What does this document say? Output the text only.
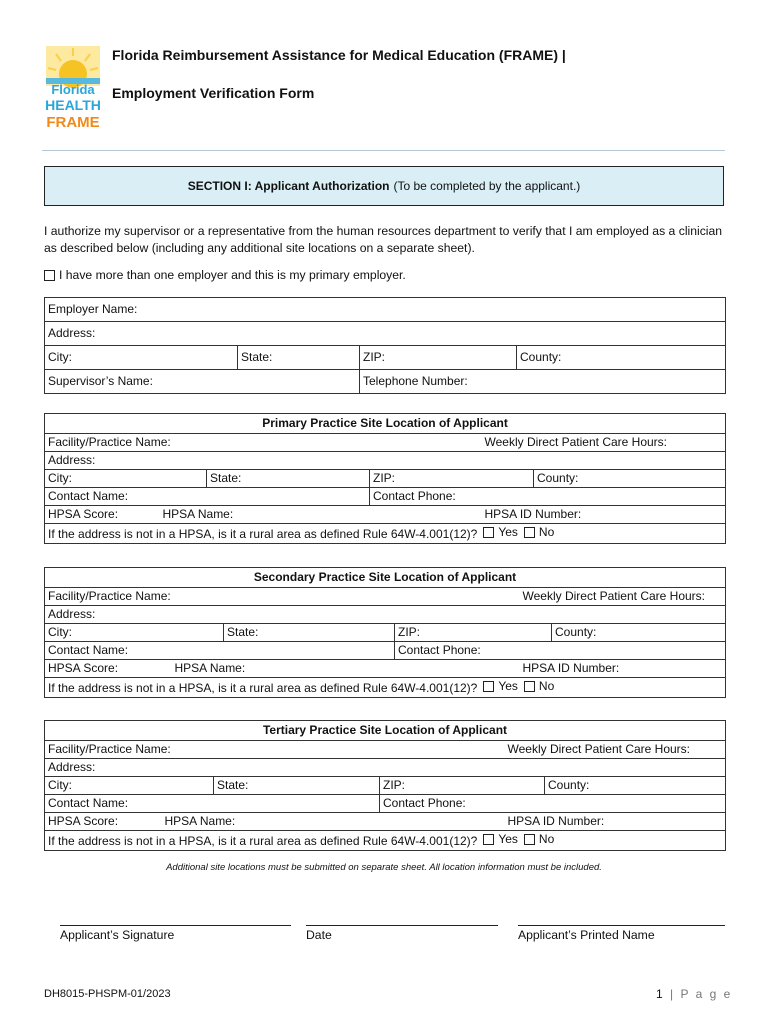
Florida
HEALTH
FRAME
Florida Reimbursement Assistance for Medical Education (FRAME) |
Employment Verification Form
SECTION I: Applicant Authorization (To be completed by the applicant.)
I authorize my supervisor or a representative from the human resources department to verify that I am employed as a clinician as described below (including any additional site locations on a separate sheet).
I have more than one employer and this is my primary employer.
Employer Name:			
Address:			
City:	State:	ZIP:	County:
Supervisor’s Name:		Telephone Number:	
Primary Practice Site Location of Applicant					
Facility/Practice Name:				Weekly Direct Patient Care Hours:	
Address:					
City:		State:	ZIP:		County:
Contact Name:			Contact Phone:		
HPSA Score:	HPSA Name:			HPSA ID Number:	
If the address is not in a HPSA, is it a rural area as defined Rule 64W-4.001(12)? Yes No					
Secondary Practice Site Location of Applicant					
Facility/Practice Name:				Weekly Direct Patient Care Hours:	
Address:					
City:		State:	ZIP:		County:
Contact Name:			Contact Phone:		
HPSA Score:	HPSA Name:			HPSA ID Number:	
If the address is not in a HPSA, is it a rural area as defined Rule 64W-4.001(12)? Yes No					
Tertiary Practice Site Location of Applicant					
Facility/Practice Name:				Weekly Direct Patient Care Hours:	
Address:					
City:		State:	ZIP:		County:
Contact Name:			Contact Phone:		
HPSA Score:	HPSA Name:			HPSA ID Number:	
If the address is not in a HPSA, is it a rural area as defined Rule 64W-4.001(12)? Yes No					
Additional site locations must be submitted on separate sheet. All location information must be included.
Applicant’s Signature	Date	Applicant’s Printed Name
DH8015-PHSPM-01/2023	1 | P a g e
